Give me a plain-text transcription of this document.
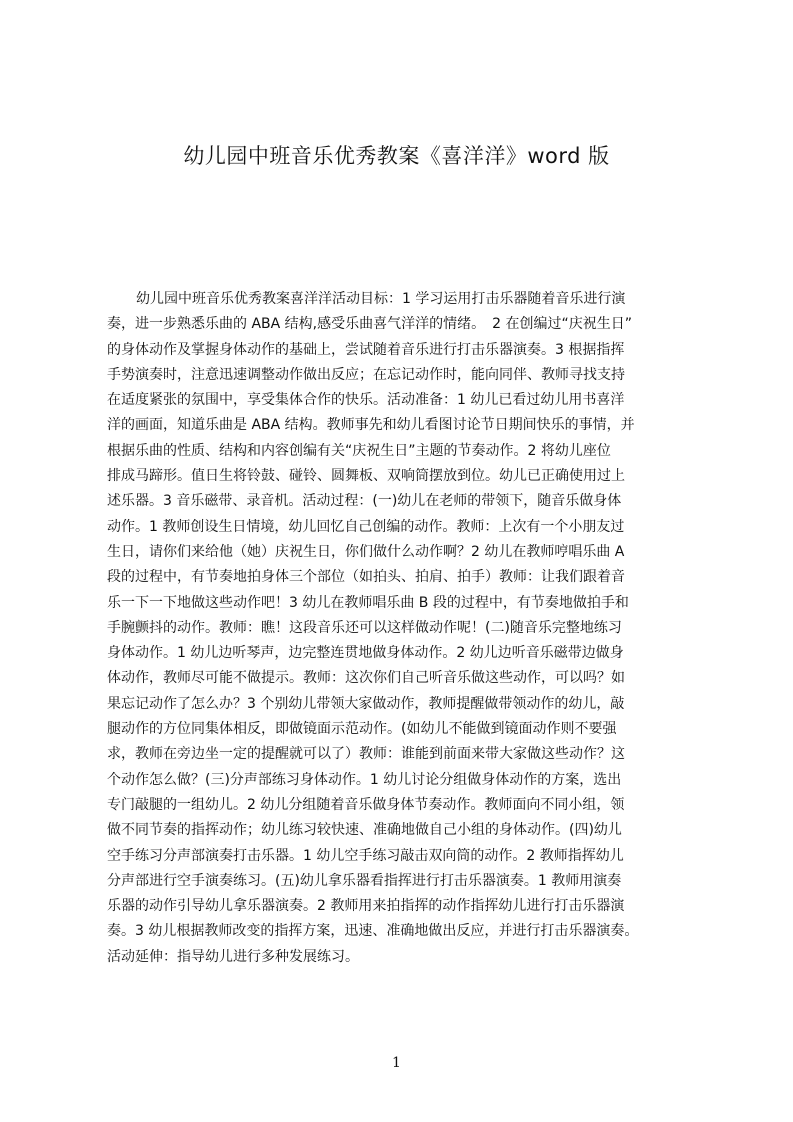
幼儿园中班音乐优秀教案《喜洋洋》word 版
幼儿园中班音乐优秀教案喜洋洋活动目标：1 学习运用打击乐器随着音乐进行演
奏，进一步熟悉乐曲的 ABA 结构,感受乐曲喜气洋洋的情绪。　2 在创编过“庆祝生日”
的身体动作及掌握身体动作的基础上，尝试随着音乐进行打击乐器演奏。3 根据指挥
手势演奏时，注意迅速调整动作做出反应；在忘记动作时，能向同伴、教师寻找支持
在适度紧张的氛围中，享受集体合作的快乐。活动准备：1 幼儿已看过幼儿用书喜洋
洋的画面，知道乐曲是 ABA 结构。教师事先和幼儿看图讨论节日期间快乐的事情，并
根据乐曲的性质、结构和内容创编有关“庆祝生日”主题的节奏动作。2 将幼儿座位
排成马蹄形。值日生将铃鼓、碰铃、圆舞板、双响筒摆放到位。幼儿已正确使用过上
述乐器。3 音乐磁带、录音机。活动过程：(一)幼儿在老师的带领下，随音乐做身体
动作。1 教师创设生日情境，幼儿回忆自己创编的动作。教师：上次有一个小朋友过
生日，请你们来给他（她）庆祝生日，你们做什么动作啊？2 幼儿在教师哼唱乐曲 A
段的过程中，有节奏地拍身体三个部位（如拍头、拍肩、拍手）教师：让我们跟着音
乐一下一下地做这些动作吧！3 幼儿在教师唱乐曲 B 段的过程中，有节奏地做拍手和
手腕颤抖的动作。教师：瞧！这段音乐还可以这样做动作呢！(二)随音乐完整地练习
身体动作。1 幼儿边听琴声，边完整连贯地做身体动作。2 幼儿边听音乐磁带边做身
体动作，教师尽可能不做提示。教师：这次你们自己听音乐做这些动作，可以吗？如
果忘记动作了怎么办？3 个别幼儿带领大家做动作，教师提醒做带领动作的幼儿，敲
腿动作的方位同集体相反，即做镜面示范动作。(如幼儿不能做到镜面动作则不要强
求，教师在旁边坐一定的提醒就可以了）教师：谁能到前面来带大家做这些动作？这
个动作怎么做？(三)分声部练习身体动作。1 幼儿讨论分组做身体动作的方案，选出
专门敲腿的一组幼儿。2 幼儿分组随着音乐做身体节奏动作。教师面向不同小组，领
做不同节奏的指挥动作；幼儿练习较快速、准确地做自己小组的身体动作。(四)幼儿
空手练习分声部演奏打击乐器。1 幼儿空手练习敲击双向筒的动作。2 教师指挥幼儿
分声部进行空手演奏练习。(五)幼儿拿乐器看指挥进行打击乐器演奏。1 教师用演奏
乐器的动作引导幼儿拿乐器演奏。2 教师用来拍指挥的动作指挥幼儿进行打击乐器演
奏。3 幼儿根据教师改变的指挥方案，迅速、准确地做出反应，并进行打击乐器演奏。
活动延伸：指导幼儿进行多种发展练习。
1
